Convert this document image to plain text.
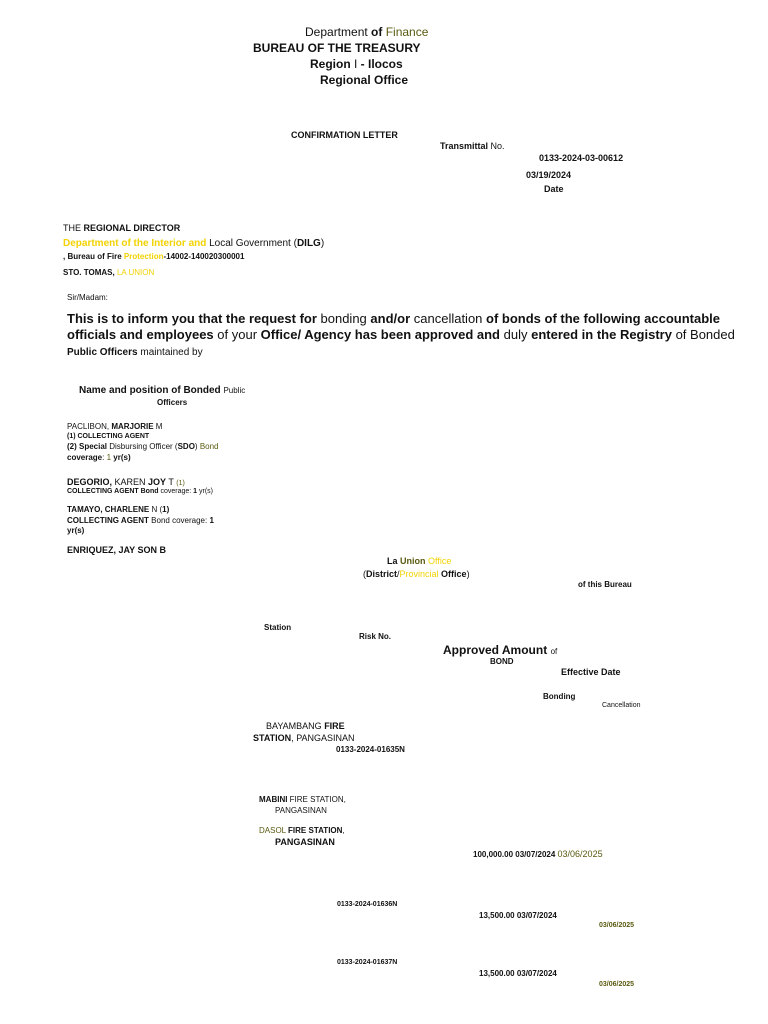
Department of Finance
BUREAU OF THE TREASURY
Region I - Ilocos
Regional Office
CONFIRMATION LETTER
Transmittal No.
0133-2024-03-00612
03/19/2024
Date
THE REGIONAL DIRECTOR
Department of the Interior and Local Government (DILG)
, Bureau of Fire Protection-14002-140020300001
STO. TOMAS, LA UNION
Sir/Madam:
This is to inform you that the request for bonding and/or cancellation of bonds of the following accountable officials and employees of your Office/ Agency has been approved and duly entered in the Registry of Bonded Public Officers maintained by
Name and position of Bonded Public
Officers
PACLIBON, MARJORIE M
(1) COLLECTING AGENT
(2) Special Disbursing Officer (SDO) Bond
coverage: 1 yr(s)
DEGORIO, KAREN JOY T (1)
COLLECTING AGENT Bond coverage: 1 yr(s)
TAMAYO, CHARLENE N (1)
COLLECTING AGENT Bond coverage: 1
yr(s)
ENRIQUEZ, JAY SON B
La Union Office
(District/Provincial Office)
of this Bureau
Station
Risk No.
Approved Amount of
BOND
Effective Date
Bonding
Cancellation
BAYAMBANG FIRE
STATION, PANGASINAN
0133-2024-01635N
MABINI FIRE STATION,
PANGASINAN
DASOL FIRE STATION,
PANGASINAN
100,000.00 03/07/2024 03/06/2025
0133-2024-01636N
13,500.00 03/07/2024
03/06/2025
0133-2024-01637N
13,500.00 03/07/2024
03/06/2025
